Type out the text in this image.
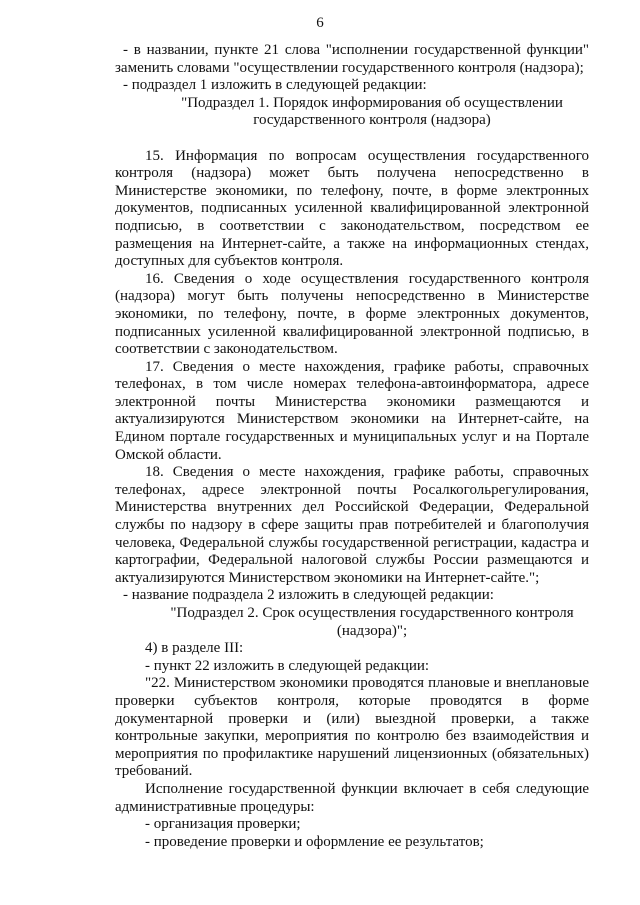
6

- в названии, пункте 21 слова "исполнении государственной функции" заменить словами "осуществлении государственного контроля (надзора);

- подраздел 1 изложить в следующей редакции:

"Подраздел 1. Порядок информирования об осуществлении государственного контроля (надзора)

15. Информация по вопросам осуществления государственного контроля (надзора) может быть получена непосредственно в Министерстве экономики, по телефону, почте, в форме электронных документов, подписанных усиленной квалифицированной электронной подписью, в соответствии с законодательством, посредством ее размещения на Интернет-сайте, а также на информационных стендах, доступных для субъектов контроля.

16. Сведения о ходе осуществления государственного контроля (надзора) могут быть получены непосредственно в Министерстве экономики, по телефону, почте, в форме электронных документов, подписанных усиленной квалифицированной электронной подписью, в соответствии с законодательством.

17. Сведения о месте нахождения, графике работы, справочных телефонах, в том числе номерах телефона-автоинформатора, адресе электронной почты Министерства экономики размещаются и актуализируются Министерством экономики на Интернет-сайте, на Едином портале государственных и муниципальных услуг и на Портале Омской области.

18. Сведения о месте нахождения, графике работы, справочных телефонах, адресе электронной почты Росалкогольрегулирования, Министерства внутренних дел Российской Федерации, Федеральной службы по надзору в сфере защиты прав потребителей и благополучия человека, Федеральной службы государственной регистрации, кадастра и картографии, Федеральной налоговой службы России размещаются и актуализируются Министерством экономики на Интернет-сайте.";

- название подраздела 2 изложить в следующей редакции:

"Подраздел 2. Срок осуществления государственного контроля (надзора)";

4) в разделе III:

- пункт 22 изложить в следующей редакции:

"22. Министерством экономики проводятся плановые и внеплановые проверки субъектов контроля, которые проводятся в форме документарной проверки и (или) выездной проверки, а также контрольные закупки, мероприятия по контролю без взаимодействия и мероприятия по профилактике нарушений лицензионных (обязательных) требований.

Исполнение государственной функции включает в себя следующие административные процедуры:

- организация проверки;

- проведение проверки и оформление ее результатов;
